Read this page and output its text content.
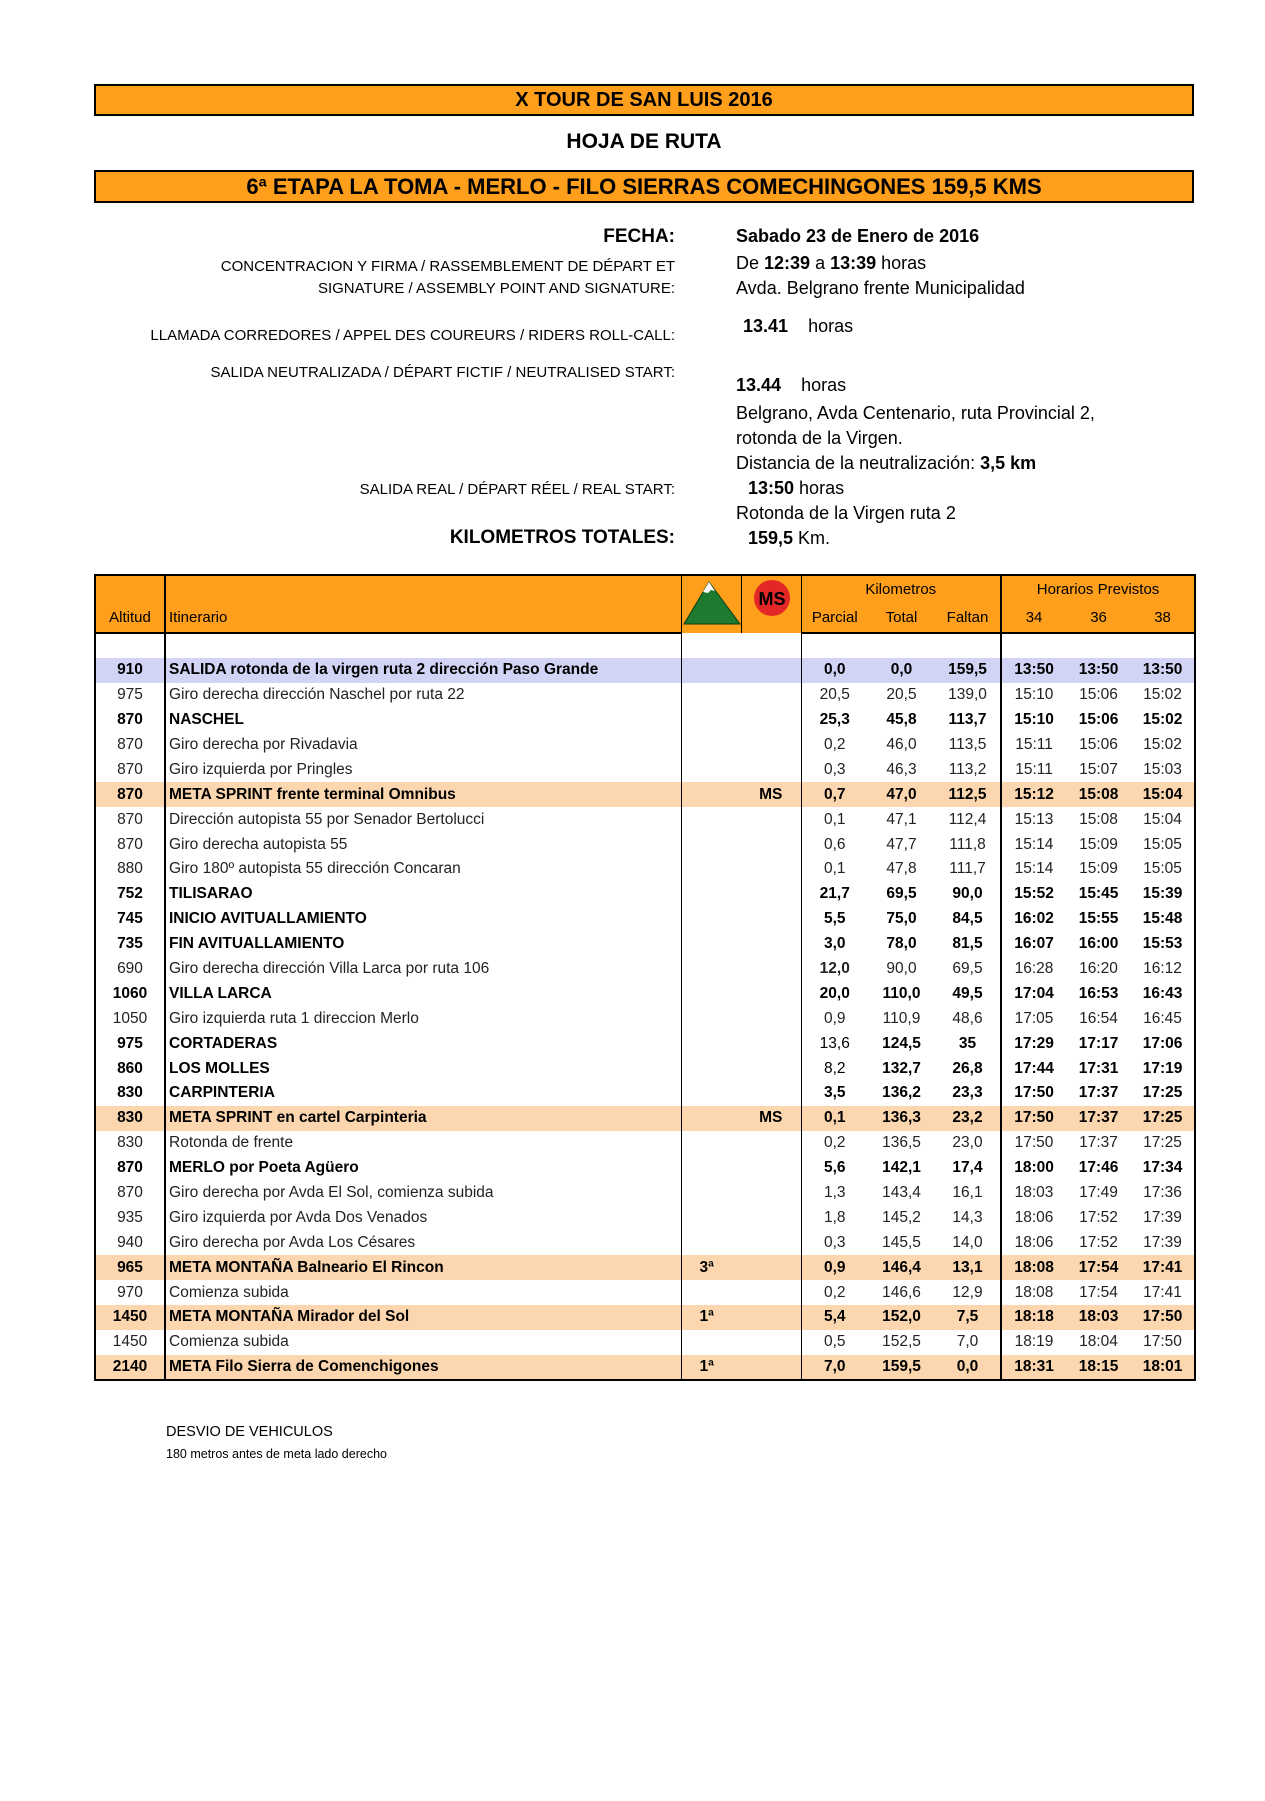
X TOUR DE SAN LUIS 2016
HOJA DE RUTA
6ª ETAPA LA TOMA - MERLO - FILO SIERRAS COMECHINGONES 159,5 KMS
FECHA:	Sabado 23 de Enero de 2016
CONCENTRACION Y FIRMA / RASSEMBLEMENT DE DÉPART ET
SIGNATURE / ASSEMBLY POINT AND SIGNATURE:
De 12:39 a 13:39 horas
Avda. Belgrano frente Municipalidad
LLAMADA CORREDORES / APPEL DES COUREURS / RIDERS ROLL-CALL:	13.41 horas
SALIDA NEUTRALIZADA / DÉPART FICTIF / NEUTRALISED START:
13.44 horas
Belgrano, Avda Centenario, ruta Provincial 2,
rotonda de la Virgen.
Distancia de la neutralización: 3,5 km
SALIDA REAL / DÉPART RÉEL / REAL START:	13:50 horas
Rotonda de la Virgen ruta 2
KILOMETROS TOTALES:	159,5 Km.

MS	Kilometros			Horarios Previstos		
Altitud	Itinerario			Parcial	Total	Faltan	34	36	38

910	SALIDA rotonda de la virgen ruta 2 dirección Paso Grande			0,0	0,0	159,5	13:50	13:50	13:50
975	Giro derecha dirección Naschel por ruta 22			20,5	20,5	139,0	15:10	15:06	15:02
870	NASCHEL			25,3	45,8	113,7	15:10	15:06	15:02
870	Giro derecha por Rivadavia			0,2	46,0	113,5	15:11	15:06	15:02
870	Giro izquierda por Pringles			0,3	46,3	113,2	15:11	15:07	15:03
870	META SPRINT frente terminal Omnibus		MS	0,7	47,0	112,5	15:12	15:08	15:04
870	Dirección autopista 55 por Senador Bertolucci			0,1	47,1	112,4	15:13	15:08	15:04
870	Giro derecha autopista 55			0,6	47,7	111,8	15:14	15:09	15:05
880	Giro 180º autopista 55 dirección Concaran			0,1	47,8	111,7	15:14	15:09	15:05
752	TILISARAO			21,7	69,5	90,0	15:52	15:45	15:39
745	INICIO AVITUALLAMIENTO			5,5	75,0	84,5	16:02	15:55	15:48
735	FIN AVITUALLAMIENTO			3,0	78,0	81,5	16:07	16:00	15:53
690	Giro derecha dirección Villa Larca por ruta 106			12,0	90,0	69,5	16:28	16:20	16:12
1060	VILLA LARCA			20,0	110,0	49,5	17:04	16:53	16:43
1050	Giro izquierda ruta 1 direccion Merlo			0,9	110,9	48,6	17:05	16:54	16:45
975	CORTADERAS			13,6	124,5	35	17:29	17:17	17:06
860	LOS MOLLES			8,2	132,7	26,8	17:44	17:31	17:19
830	CARPINTERIA			3,5	136,2	23,3	17:50	17:37	17:25
830	META SPRINT en cartel Carpinteria		MS	0,1	136,3	23,2	17:50	17:37	17:25
830	Rotonda de frente			0,2	136,5	23,0	17:50	17:37	17:25
870	MERLO por Poeta Agüero			5,6	142,1	17,4	18:00	17:46	17:34
870	Giro derecha por Avda El Sol, comienza subida			1,3	143,4	16,1	18:03	17:49	17:36
935	Giro izquierda por Avda Dos Venados			1,8	145,2	14,3	18:06	17:52	17:39
940	Giro derecha por Avda Los Césares			0,3	145,5	14,0	18:06	17:52	17:39
965	META MONTAÑA Balneario El Rincon	3ª		0,9	146,4	13,1	18:08	17:54	17:41
970	Comienza subida			0,2	146,6	12,9	18:08	17:54	17:41
1450	META MONTAÑA Mirador del Sol	1ª		5,4	152,0	7,5	18:18	18:03	17:50
1450	Comienza subida			0,5	152,5	7,0	18:19	18:04	17:50
2140	META Filo Sierra de Comenchigones	1ª		7,0	159,5	0,0	18:31	18:15	18:01
DESVIO DE VEHICULOS
180 metros antes de meta lado derecho
